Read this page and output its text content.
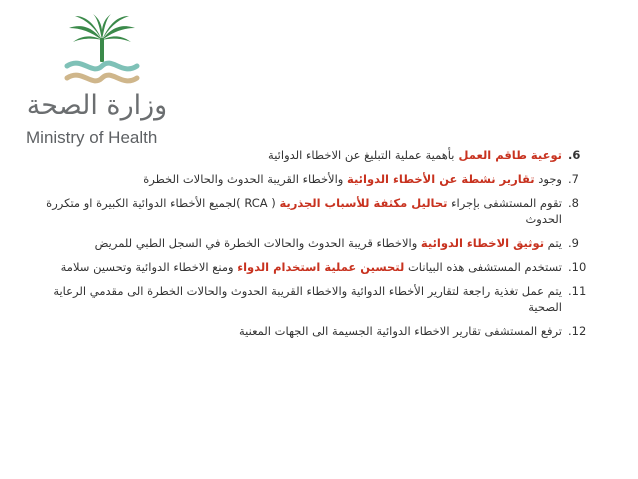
وزارة الصحة
Ministry of Health
.6
توعية طاقم العمل بأهمية عملية التبليغ عن الاخطاء الدوائية
.7
وجود تقارير نشطة عن الأخطاء الدوائية والأخطاء القريبة الحدوث والحالات الخطرة
.8
تقوم المستشفى بإجراء تحاليل مكثفة للأسباب الجذرية ( RCA )لجميع الأخطاء الدوائية الكبيرة او متكررة الحدوث
.9
يتم توثيق الاخطاء الدوائية والاخطاء قريبة الحدوث والحالات الخطرة في السجل الطبي للمريض
.10
تستخدم المستشفى هذه البيانات لتحسين عملية استخدام الدواء ومنع الاخطاء الدوائية وتحسين سلامة
.11
يتم عمل تغذية راجعة لتقارير الأخطاء الدوائية والاخطاء القريبة الحدوث والحالات الخطرة الى مقدمي الرعاية الصحية
.12
ترفع المستشفى تقارير الاخطاء الدوائية الجسيمة الى الجهات المعنية
